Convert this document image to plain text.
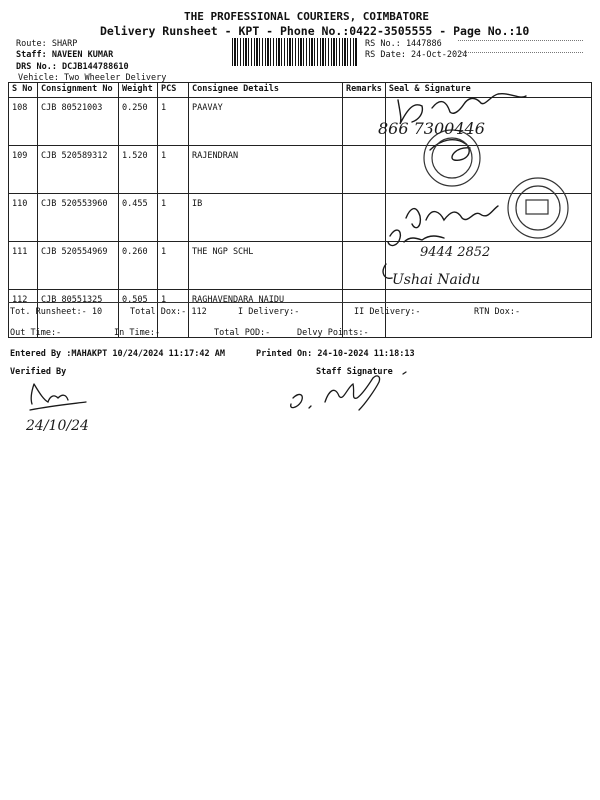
THE PROFESSIONAL COURIERS, COIMBATORE
Delivery Runsheet - KPT - Phone No.:0422-3505555 - Page No.:10
Route: SHARP
Staff: NAVEEN KUMAR
DRS No.: DCJB144788610
Vehicle: Two Wheeler Delivery
RS No.: 1447886
RS Date: 24-Oct-2024
S No	Consignment No	Weight	PCS	Consignee Details	Remarks	Seal & Signature
108	CJB 80521003	0.250	1	PAAVAY		
109	CJB 520589312	1.520	1	RAJENDRAN		
110	CJB 520553960	0.455	1	IB		
111	CJB 520554969	0.260	1	THE NGP SCHL		
112	CJB 80551325	0.505	1	RAGHAVENDARA NAIDU		
866 7300446
9444 2852
Ushai Naidu
Tot. Runsheet:- 10	Total Dox:- 112	I Delivery:-	II Delivery:-	RTN Dox:-
Out Time:-	In Time:-	Total POD:-	Delvy Points:-
Entered By :MAHAKPT 10/24/2024 11:17:42 AM	Printed On: 24-10-2024 11:18:13
Verified By	Staff Signature
24/10/24
